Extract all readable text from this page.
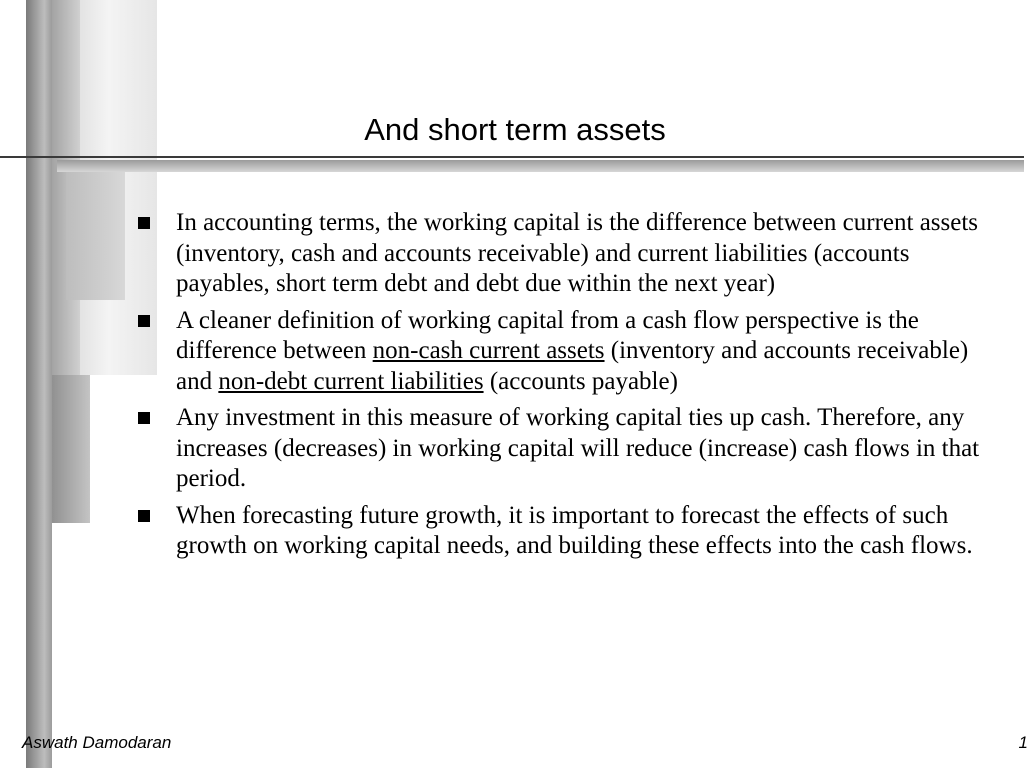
And short term assets
In accounting terms, the working capital is the difference between current assets (inventory, cash and accounts receivable) and current liabilities (accounts payables, short term debt and debt due within the next year)
A cleaner definition of working capital from a cash flow perspective is the difference between non-cash current assets (inventory and accounts receivable) and non-debt current liabilities (accounts payable)
Any investment in this measure of working capital ties up cash. Therefore, any increases (decreases) in working capital will reduce (increase) cash flows in that period.
When forecasting future growth, it is important to forecast the effects of such growth on working capital needs, and building these effects into the cash flows.
Aswath Damodaran	1
